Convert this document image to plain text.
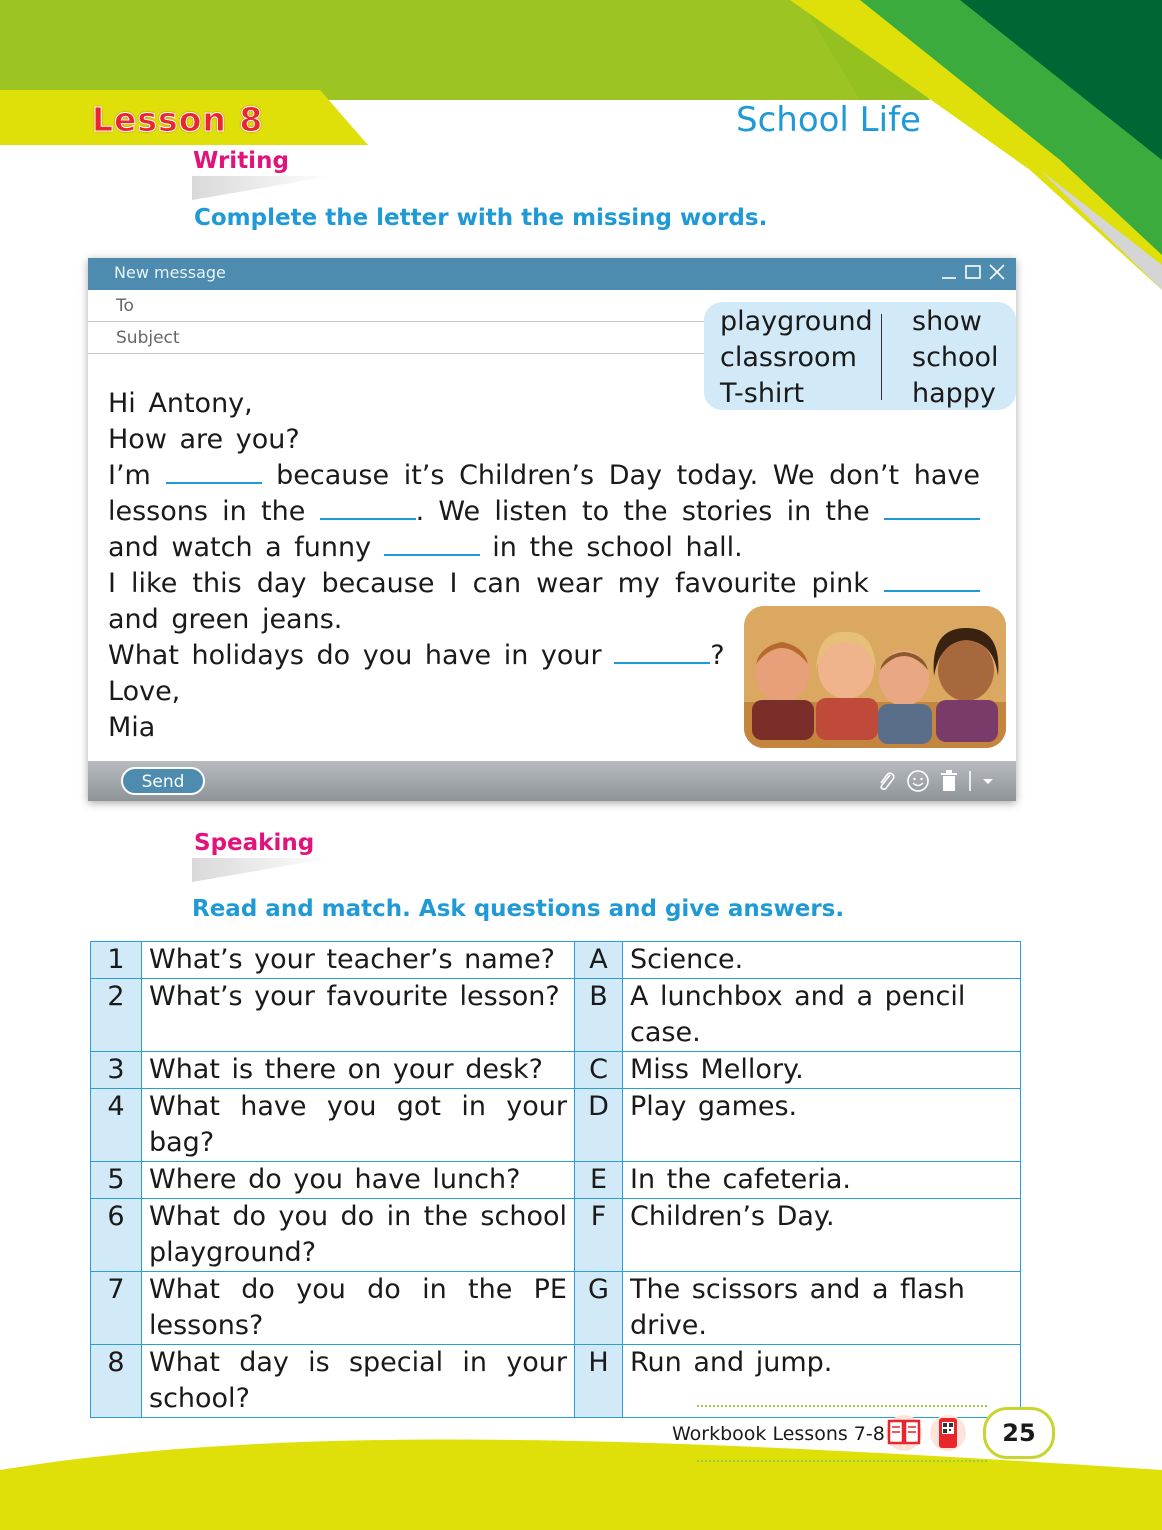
Lesson 8	School Life
Writing
Complete the letter with the missing words.
New message
To
Subject
playground
classroom
T-shirt
show
school
happy

Hi Antony,

How are you?

I’m	because it’s Children’s Day today. We don’t have lessons in the	. We listen to the stories in the  and watch a funny	in the school hall.

I like this day because I can wear my favourite pink  and green jeans.

What holidays do you have in your	?

Love,

Mia

Send
Speaking
Read and match. Ask questions and give answers.
1	What’s your teacher’s name?	A	Science.
2	What’s your favourite lesson?	B	A lunchbox and a pencil case.
3	What is there on your desk?	C	Miss Mellory.
4	What have you got in your bag?	D	Play games.
5	Where do you have lunch?	E	In the cafeteria.
6	What do you do in the school playground?	F	Children’s Day.
7	What do you do in the PE lessons?	G	The scissors and a flash drive.
8	What day is special in your school?	H	Run and jump.
Workbook Lessons 7-8	25
